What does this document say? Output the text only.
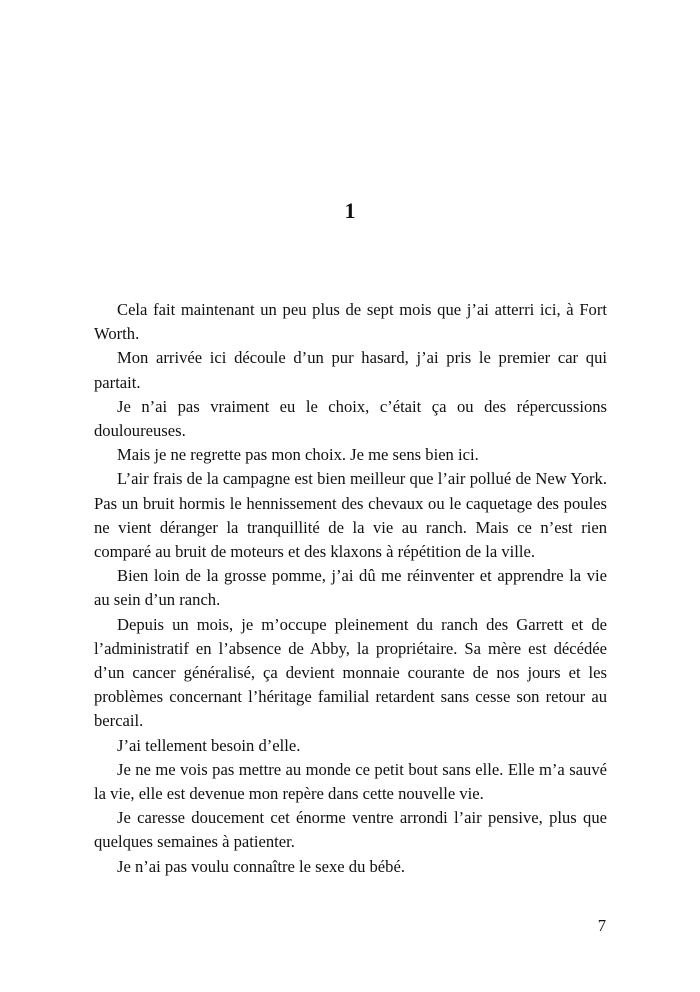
1

Cela fait maintenant un peu plus de sept mois que j’ai atterri ici, à Fort Worth.

Mon arrivée ici découle d’un pur hasard, j’ai pris le premier car qui partait.

Je n’ai pas vraiment eu le choix, c’était ça ou des répercussions douloureuses.

Mais je ne regrette pas mon choix. Je me sens bien ici.

L’air frais de la campagne est bien meilleur que l’air pollué de New York. Pas un bruit hormis le hennissement des chevaux ou le caquetage des poules ne vient déranger la tranquillité de la vie au ranch. Mais ce n’est rien comparé au bruit de moteurs et des klaxons à répétition de la ville.

Bien loin de la grosse pomme, j’ai dû me réinventer et apprendre la vie au sein d’un ranch.

Depuis un mois, je m’occupe pleinement du ranch des Garrett et de l’administratif en l’absence de Abby, la propriétaire. Sa mère est décédée d’un cancer généralisé, ça devient monnaie courante de nos jours et les problèmes concernant l’héritage familial retardent sans cesse son retour au bercail.

J’ai tellement besoin d’elle.

Je ne me vois pas mettre au monde ce petit bout sans elle. Elle m’a sauvé la vie, elle est devenue mon repère dans cette nouvelle vie.

Je caresse doucement cet énorme ventre arrondi l’air pensive, plus que quelques semaines à patienter.

Je n’ai pas voulu connaître le sexe du bébé.

7
